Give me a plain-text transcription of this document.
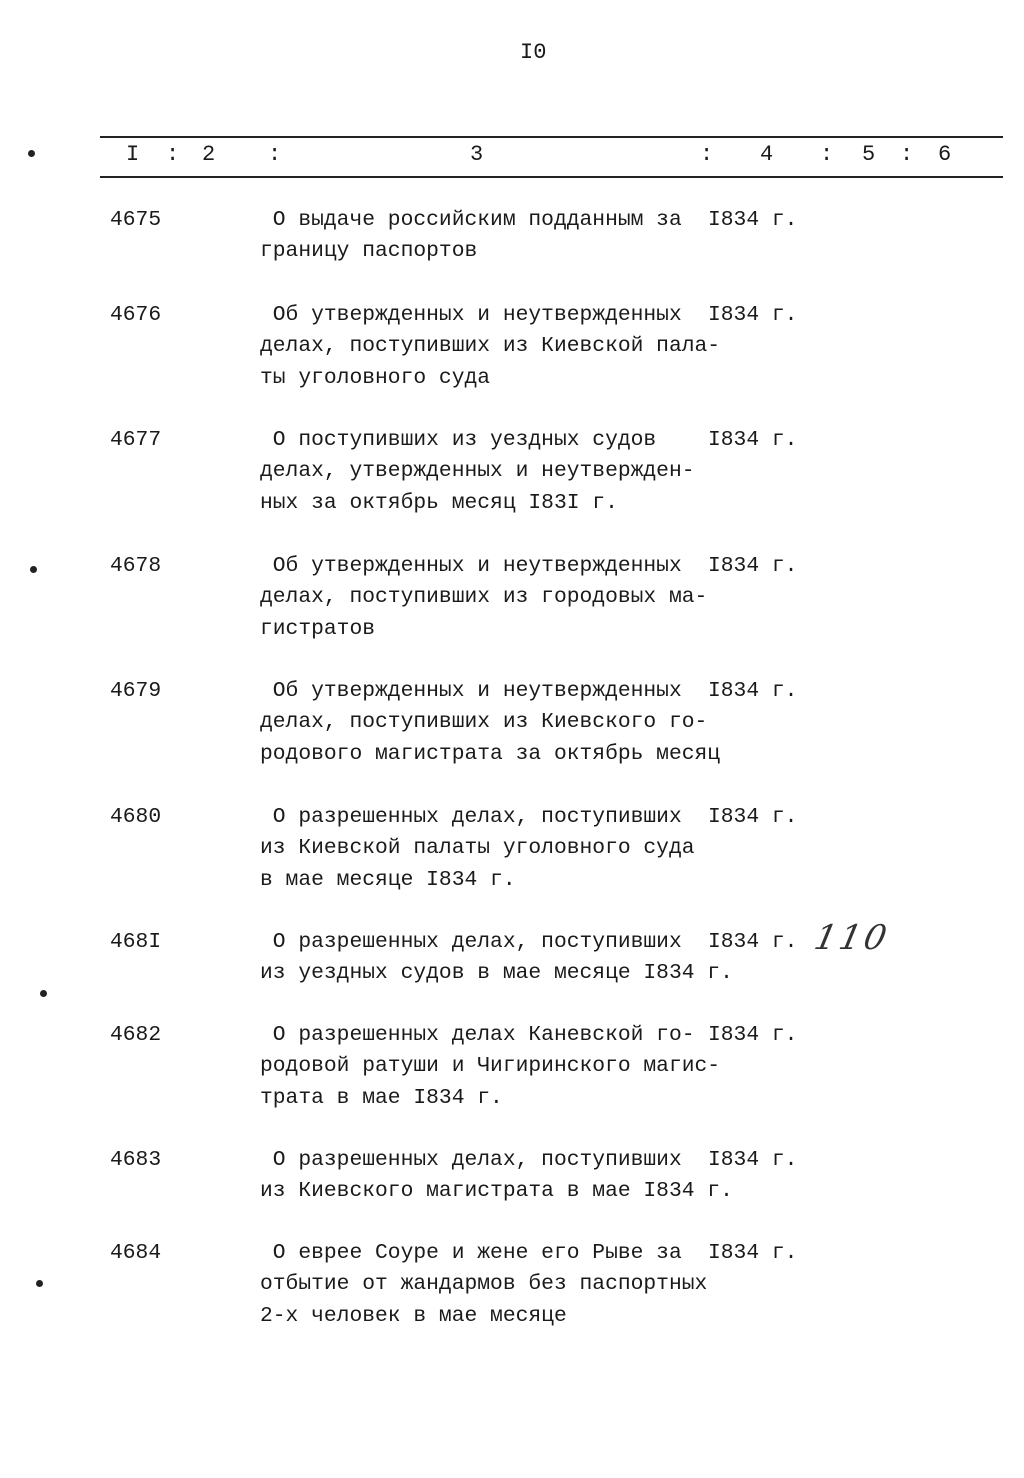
I0
I : 2 :	3	: 4 : 5 : 6
4675	О выдаче российским подданным за
границу паспортов
I834 г.
4676	Об утвержденных и неутвержденных
делах, поступивших из Киевской пала-
ты уголовного суда
I834 г.
4677	О поступивших из уездных судов
делах, утвержденных и неутвержден-
ных за октябрь месяц I83I г.
I834 г.
4678	Об утвержденных и неутвержденных
делах, поступивших из городовых ма-
гистратов
I834 г.
4679	Об утвержденных и неутвержденных
делах, поступивших из Киевского го-
родового магистрата за октябрь месяц
I834 г.
4680	О разрешенных делах, поступивших
из Киевской палаты уголовного суда
в мае месяце I834 г.
I834 г.
468I	О разрешенных делах, поступивших
из уездных судов в мае месяце I834 г.
I834 г.
4682	О разрешенных делах Каневской го-
родовой ратуши и Чигиринского магис-
трата в мае I834 г.
I834 г.
4683	О разрешенных делах, поступивших
из Киевского магистрата в мае I834 г.
I834 г.
4684	О еврее Соуре и жене его Рыве за
отбытие от жандармов без паспортных
2-х человек в мае месяце
I834 г.
110
